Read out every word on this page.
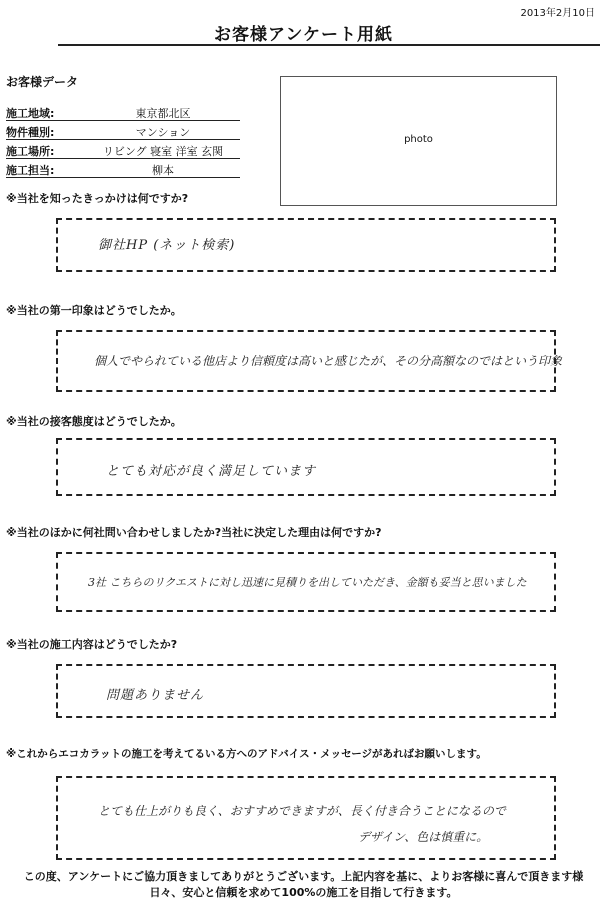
2013年2月10日
お客様アンケート用紙
お客様データ
施工地域:	東京都北区
物件種別:	マンション
施工場所:	リビング 寝室 洋室 玄関
施工担当:	柳本
photo
※当社を知ったきっかけは何ですか?
御社HP (ネット検索)
※当社の第一印象はどうでしたか。
個人でやられている他店より信頼度は高いと感じたが、その分高額なのではという印象
※当社の接客態度はどうでしたか。
とても対応が良く満足しています
※当社のほかに何社問い合わせしましたか?当社に決定した理由は何ですか?
3社 こちらのリクエストに対し迅速に見積りを出していただき、金額も妥当と思いました
※当社の施工内容はどうでしたか?
問題ありません
※これからエコカラットの施工を考えてるいる方へのアドバイス・メッセージがあればお願いします。
とても仕上がりも良く、おすすめできますが、長く付き合うことになるので
デザイン、色は慎重に。
この度、アンケートにご協力頂きましてありがとうございます。上記内容を基に、よりお客様に喜んで頂きます様
日々、安心と信頼を求めて100%の施工を目指して行きます。
